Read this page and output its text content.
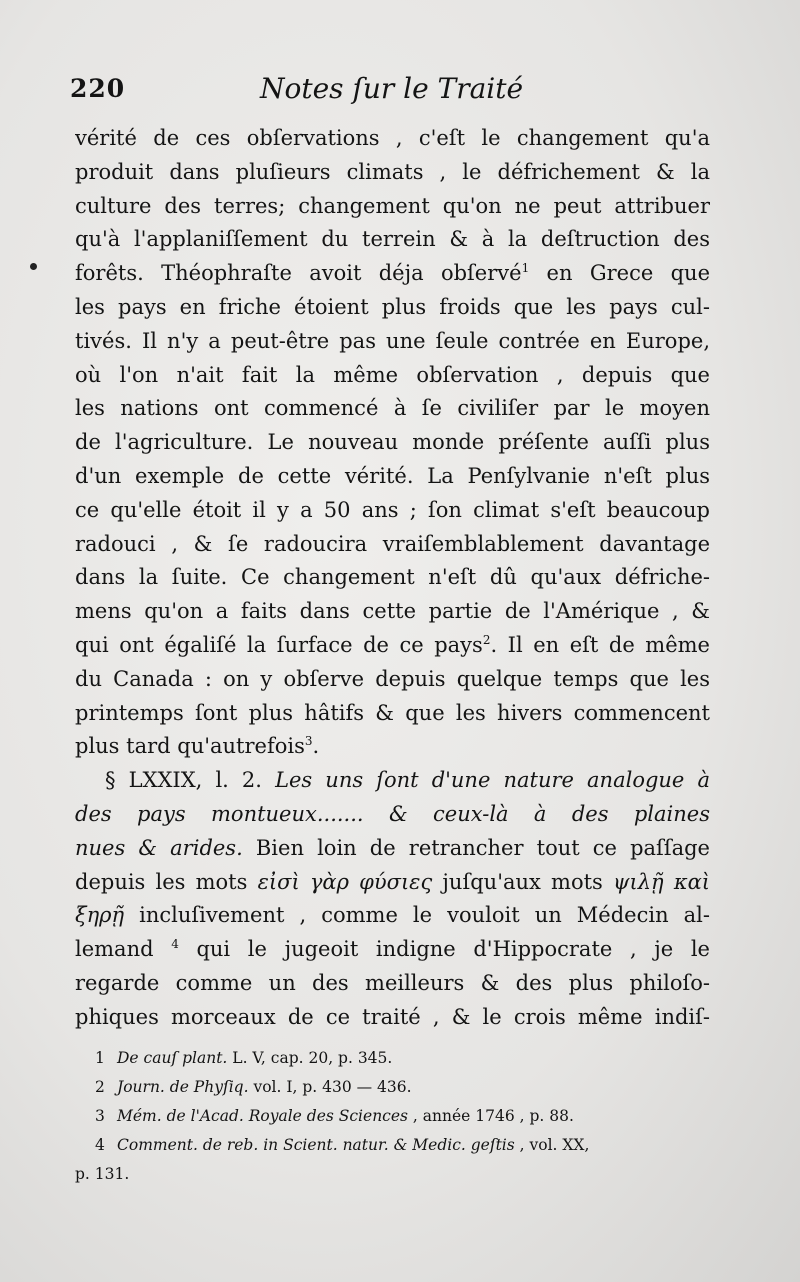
220	Notes ſur le Traité
vérité de ces obſervations , c'eſt le changement qu'a
produit dans pluſieurs climats , le défrichement & la
culture des terres; changement qu'on ne peut attribuer
qu'à l'applaniſſement du terrein & à la deſtruction des
forêts. Théophraſte avoit déja obſervé$^1$ en Grece que
les pays en friche étoient plus froids que les pays cul-
tivés. Il n'y a peut-être pas une ſeule contrée en Europe,
où l'on n'ait fait la même obſervation , depuis que
les nations ont commencé à ſe civiliſer par le moyen
de l'agriculture. Le nouveau monde préſente auſſi plus
d'un exemple de cette vérité. La Penſylvanie n'eſt plus
ce qu'elle étoit il y a 50 ans ; ſon climat s'eſt beaucoup
radouci , & ſe radoucira vraiſemblablement davantage
dans la ſuite. Ce changement n'eſt dû qu'aux défriche-
mens qu'on a faits dans cette partie de l'Amérique , &
qui ont égaliſé la ſurface de ce pays$^2$. Il en eſt de même
du Canada : on y obſerve depuis quelque temps que les
printemps ſont plus hâtifs & que les hivers commencent
plus tard qu'autrefois$^3$.
§ LXXIX, l. 2. Les uns ſont d'une nature analogue à
des pays montueux....... & ceux-là à des plaines
nues & arides. Bien loin de retrancher tout ce paſſage
depuis les mots εἰσὶ γὰρ φύσιες juſqu'aux mots ψιλῇ καὶ
ξηρῇ incluſivement , comme le vouloit un Médecin al-
lemand $^4$ qui le jugeoit indigne d'Hippocrate , je le
regarde comme un des meilleurs & des plus philoſo-
phiques morceaux de ce traité , & le crois même indiſ-
1 De cauſ plant. L. V, cap. 20, p. 345.
2 Journ. de Phyſiq. vol. I, p. 430 — 436.
3 Mém. de l'Acad. Royale des Sciences , année 1746 , p. 88.
4 Comment. de reb. in Scient. natur. & Medic. geſtis , vol. XX,
p. 131.
